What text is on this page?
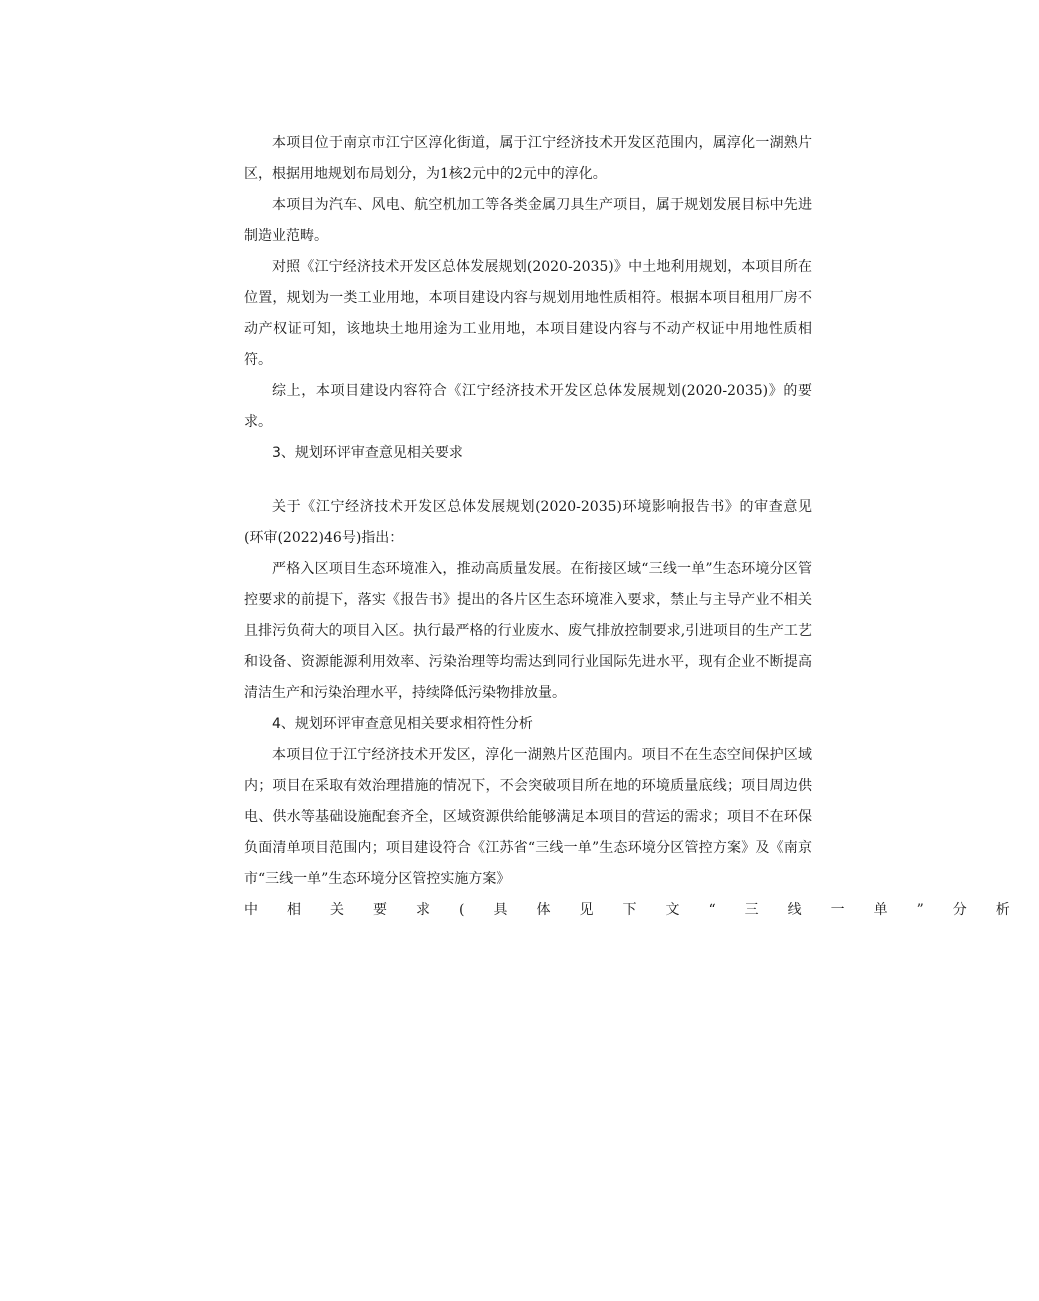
本项目位于南京市江宁区淳化街道，属于江宁经济技术开发区范围内，属淳化一湖熟片区，根据用地规划布局划分，为1核2元中的2元中的淳化。

本项目为汽车、风电、航空机加工等各类金属刀具生产项目，属于规划发展目标中先进制造业范畴。

对照《江宁经济技术开发区总体发展规划(2020-2035)》中土地利用规划，本项目所在位置，规划为一类工业用地，本项目建设内容与规划用地性质相符。根据本项目租用厂房不动产权证可知，该地块土地用途为工业用地，本项目建设内容与不动产权证中用地性质相符。

综上，本项目建设内容符合《江宁经济技术开发区总体发展规划(2020-2035)》的要求。

3、规划环评审查意见相关要求

关于《江宁经济技术开发区总体发展规划(2020-2035)环境影响报告书》的审查意见(环审(2022)46号)指出：

严格入区项目生态环境准入，推动高质量发展。在衔接区域“三线一单”生态环境分区管控要求的前提下，落实《报告书》提出的各片区生态环境准入要求，禁止与主导产业不相关且排污负荷大的项目入区。执行最严格的行业废水、废气排放控制要求,引进项目的生产工艺和设备、资源能源利用效率、污染治理等均需达到同行业国际先进水平，现有企业不断提高清洁生产和污染治理水平，持续降低污染物排放量。

4、规划环评审查意见相关要求相符性分析

本项目位于江宁经济技术开发区，淳化一湖熟片区范围内。项目不在生态空间保护区域内；项目在采取有效治理措施的情况下，不会突破项目所在地的环境质量底线；项目周边供电、供水等基础设施配套齐全，区域资源供给能够满足本项目的营运的需求；项目不在环保负面清单项目范围内；项目建设符合《江苏省“三线一单”生态环境分区管控方案》及《南京市“三线一单”生态环境分区管控实施方案》

中相关要求(具体见下文“三线一单”分析
